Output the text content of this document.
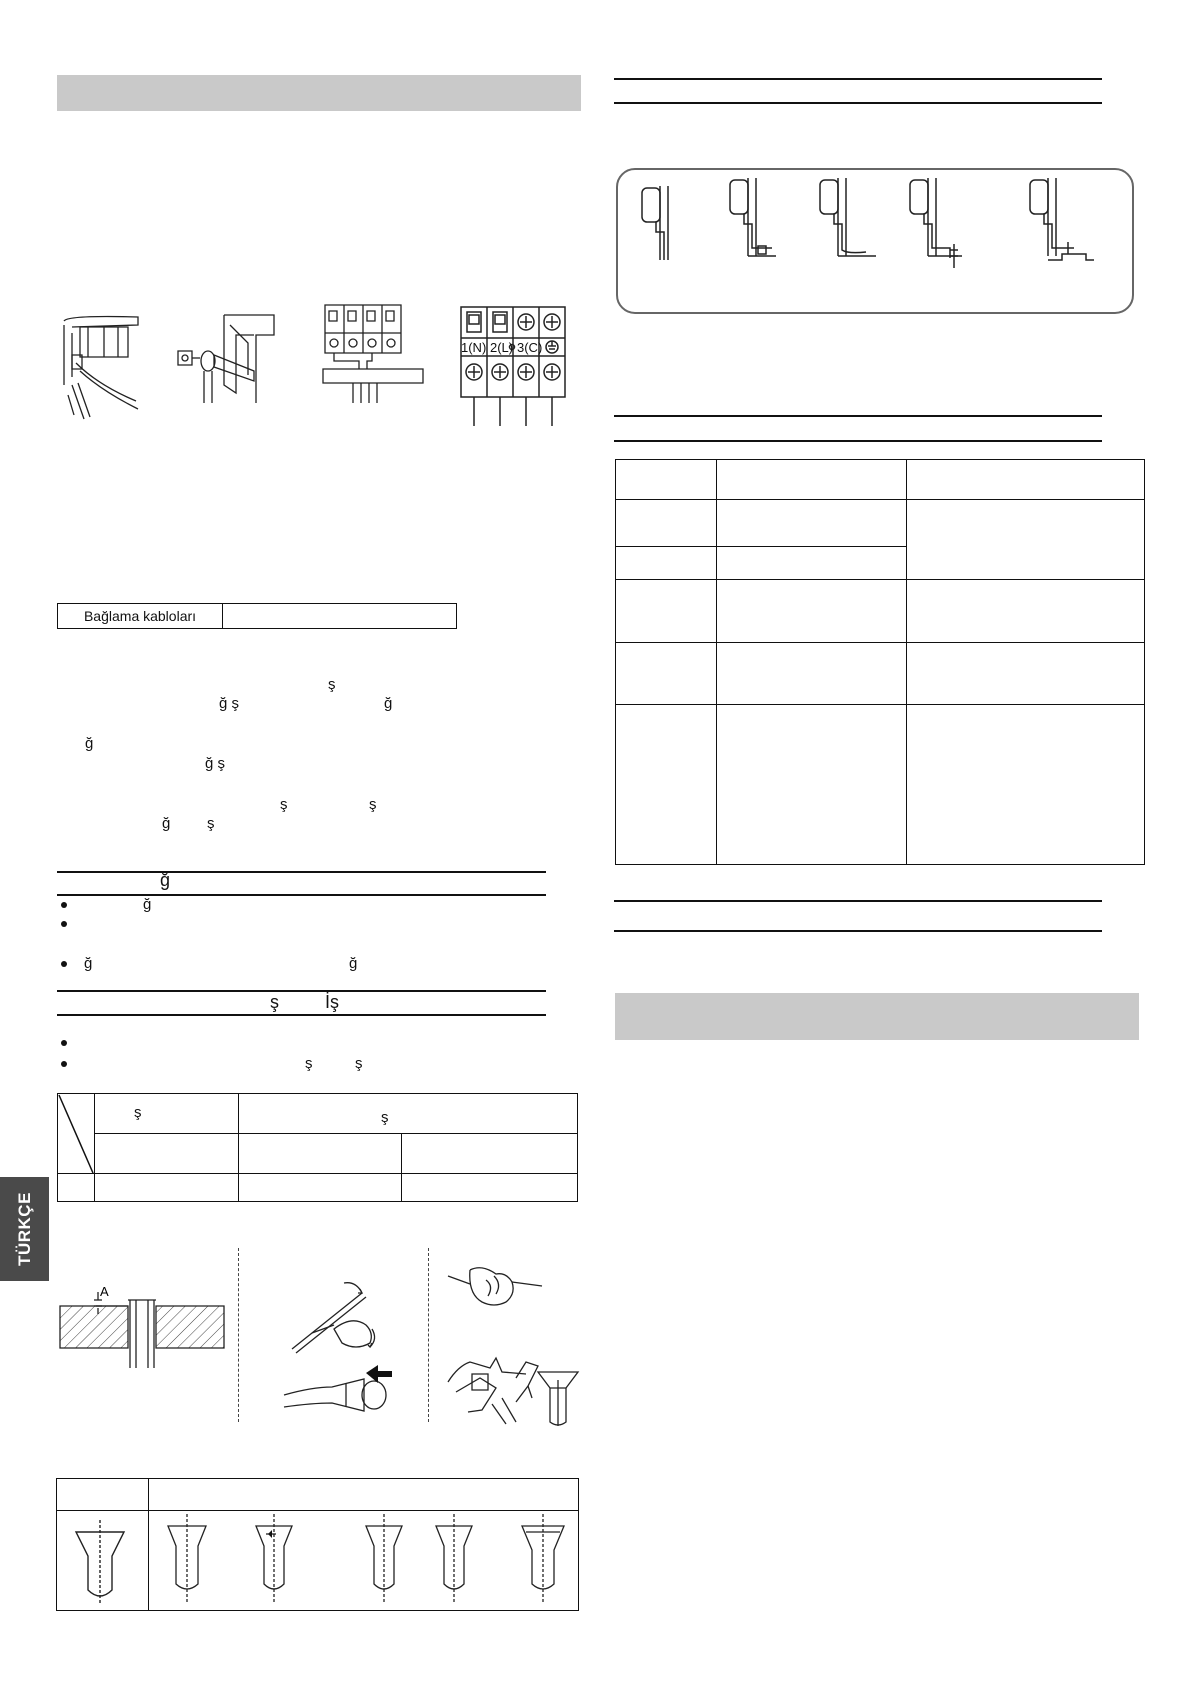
1(N) 2(L) 3(C)
Bağlama kabloları
ş
ğ ş	ğ
ğ
ğ ş
ş	ş
ğ ş
ğ
ğ
ğ	ğ
ş	İş
ş	ş

ş	ş
A

TÜRKÇE
